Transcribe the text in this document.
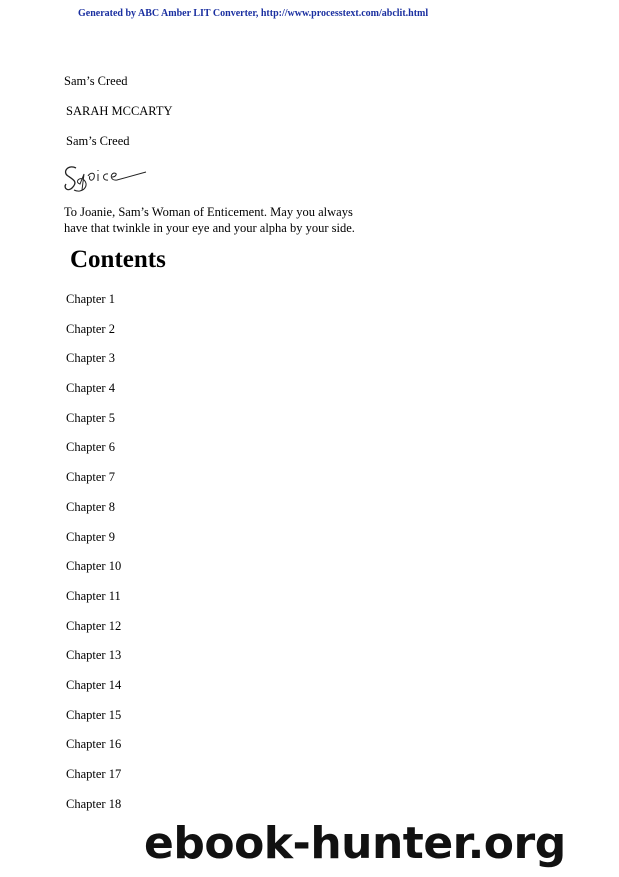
Generated by ABC Amber LIT Converter, http://www.processtext.com/abclit.html
Sam’s Creed
SARAH MCCARTY
Sam’s Creed
To Joanie, Sam’s Woman of Enticement. May you always
have that twinkle in your eye and your alpha by your side.
Contents
Chapter 1
Chapter 2
Chapter 3
Chapter 4
Chapter 5
Chapter 6
Chapter 7
Chapter 8
Chapter 9
Chapter 10
Chapter 11
Chapter 12
Chapter 13
Chapter 14
Chapter 15
Chapter 16
Chapter 17
Chapter 18
ebook-hunter.org
